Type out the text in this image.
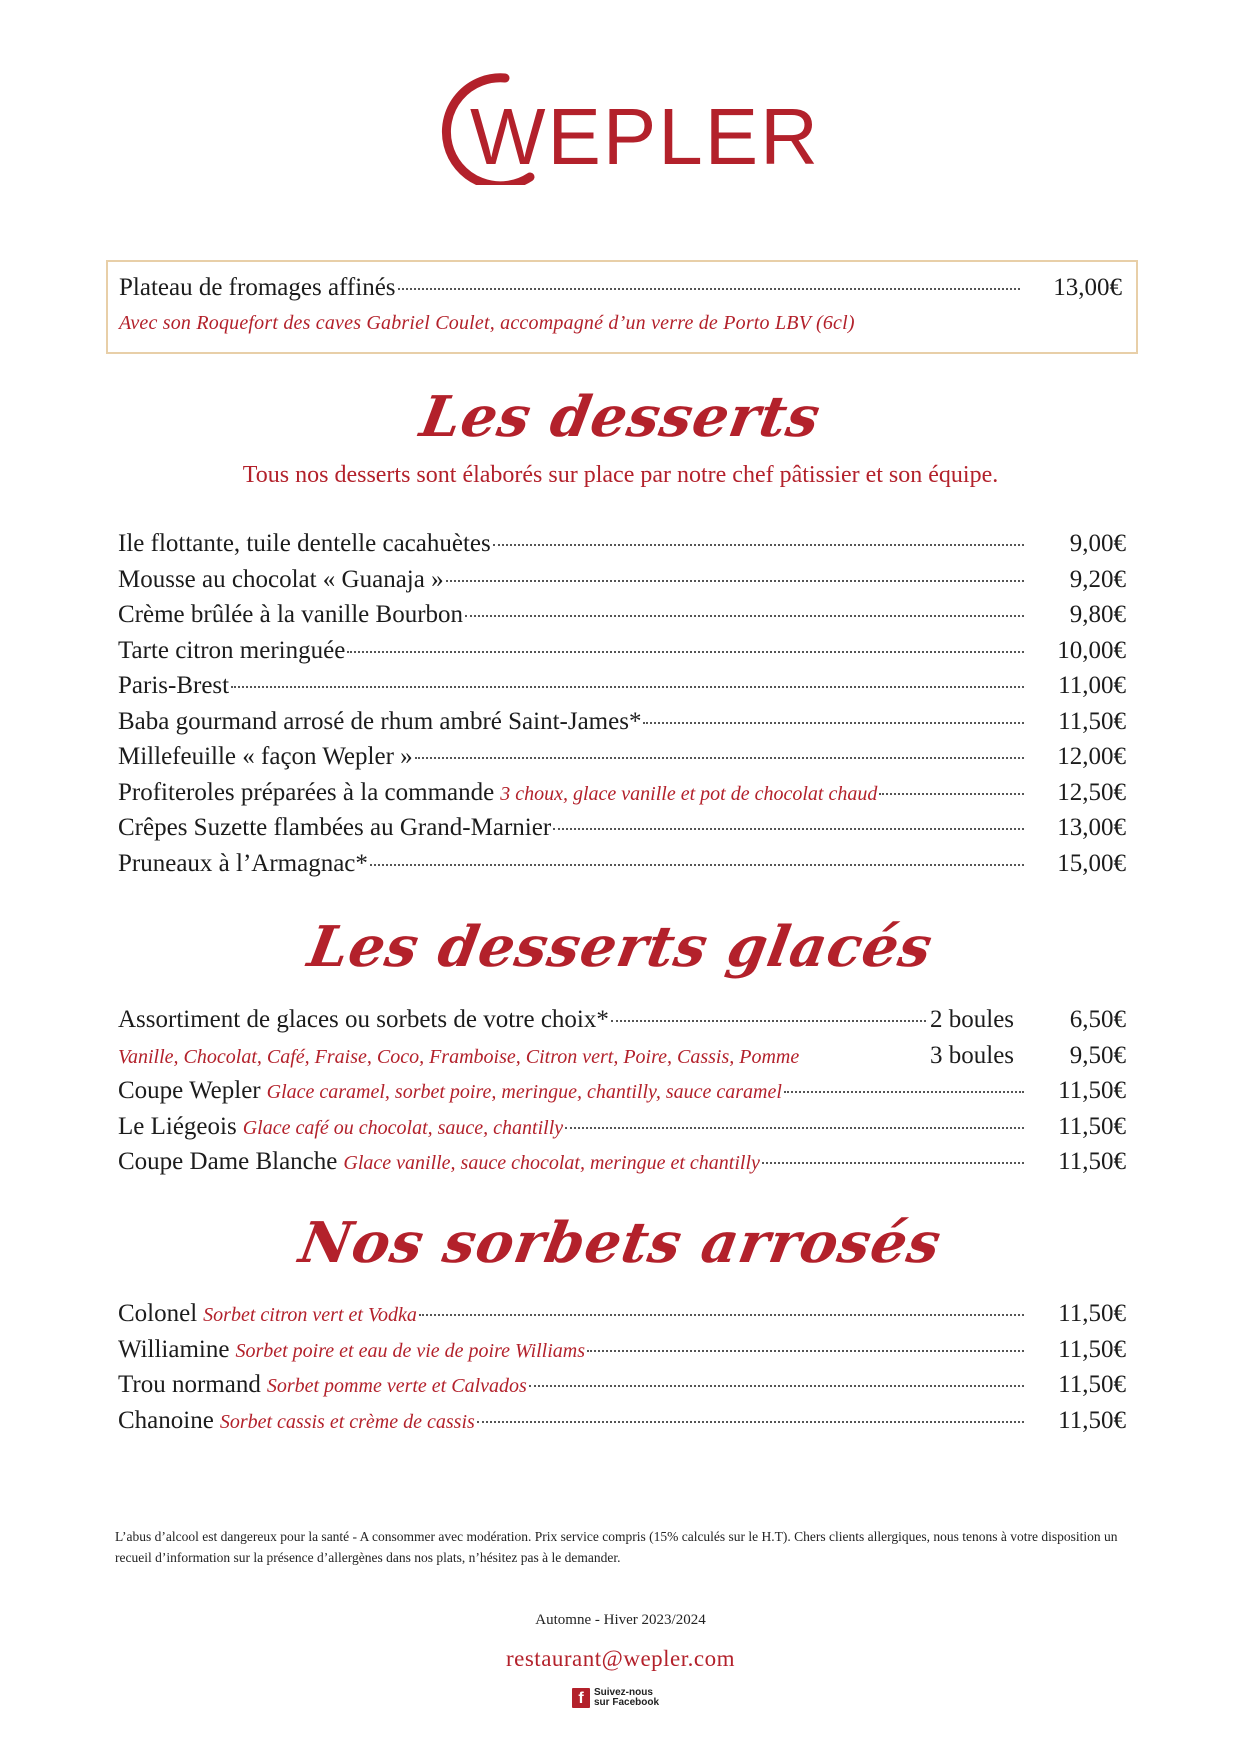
WEPLER
Plateau de fromages affinés	13,00€
Avec son Roquefort des caves Gabriel Coulet, accompagné d’un verre de Porto LBV (6cl)
Les desserts
Tous nos desserts sont élaborés sur place par notre chef pâtissier et son équipe.
Ile flottante, tuile dentelle cacahuètes	9,00€
Mousse au chocolat « Guanaja »	9,20€
Crème brûlée à la vanille Bourbon	9,80€
Tarte citron meringuée	10,00€
Paris-Brest	11,00€
Baba gourmand arrosé de rhum ambré Saint-James*	11,50€
Millefeuille « façon Wepler »	12,00€
Profiteroles préparées à la commande 3 choux, glace vanille et pot de chocolat chaud	12,50€
Crêpes Suzette flambées au Grand-Marnier	13,00€
Pruneaux à l’Armagnac*	15,00€
Les desserts glacés
Assortiment de glaces ou sorbets de votre choix*	2 boules	6,50€
Vanille, Chocolat, Café, Fraise, Coco, Framboise, Citron vert, Poire, Cassis, Pomme	3 boules	9,50€
Coupe Wepler Glace caramel, sorbet poire, meringue, chantilly, sauce caramel	11,50€
Le Liégeois Glace café ou chocolat, sauce, chantilly	11,50€
Coupe Dame Blanche Glace vanille, sauce chocolat, meringue et chantilly	11,50€
Nos sorbets arrosés
Colonel Sorbet citron vert et Vodka	11,50€
Williamine Sorbet poire et eau de vie de poire Williams	11,50€
Trou normand Sorbet pomme verte et Calvados	11,50€
Chanoine Sorbet cassis et crème de cassis	11,50€
L’abus d’alcool est dangereux pour la santé - A consommer avec modération. Prix service compris (15% calculés sur le H.T). Chers clients allergiques, nous tenons à votre disposition un recueil d’information sur la présence d’allergènes dans nos plats, n’hésitez pas à le demander.
Automne - Hiver 2023/2024
restaurant@wepler.com
f	Suivez-nous
sur Facebook
